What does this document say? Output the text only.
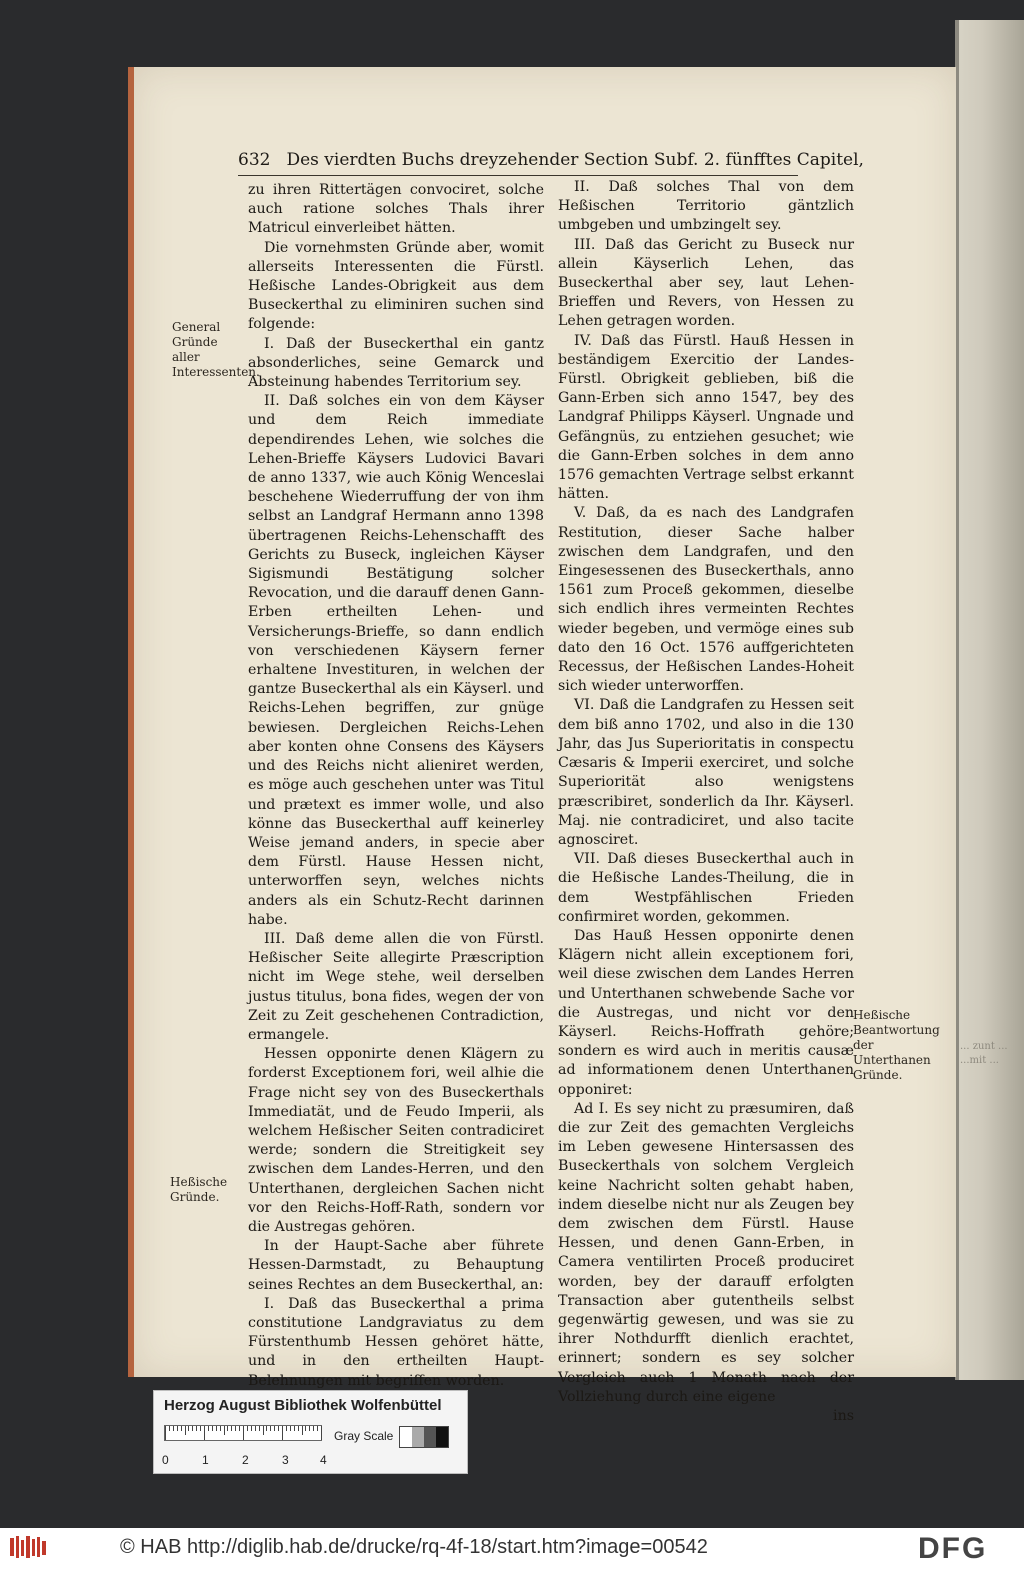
... zunt ... ...mit ...
632 Des vierdten Buchs dreyzehender Section Subf. 2. fünfftes Capitel,
General Gründe aller Interessenten.
Heßische Gründe.
Heßische Beantwortung der Unterthanen Gründe.

zu ihren Rittertägen convociret, solche auch ratione solches Thals ihrer Matricul einverleibet hätten.

Die vornehmsten Gründe aber, womit allerseits Interessenten die Fürstl. Heßische Landes-Obrigkeit aus dem Buseckerthal zu eliminiren suchen sind folgende:

I. Daß der Buseckerthal ein gantz absonderliches, seine Gemarck und Absteinung habendes Territorium sey.

II. Daß solches ein von dem Käyser und dem Reich immediate dependirendes Lehen, wie solches die Lehen-Brieffe Käysers Ludovici Bavari de anno 1337, wie auch König Wenceslai beschehene Wiederruffung der von ihm selbst an Landgraf Hermann anno 1398 übertragenen Reichs-Lehenschafft des Gerichts zu Buseck, ingleichen Käyser Sigismundi Bestätigung solcher Revocation, und die darauff denen Gann-Erben ertheilten Lehen- und Versicherungs-Brieffe, so dann endlich von verschiedenen Käysern ferner erhaltene Investituren, in welchen der gantze Buseckerthal als ein Käyserl. und Reichs-Lehen begriffen, zur gnüge bewiesen. Dergleichen Reichs-Lehen aber konten ohne Consens des Käysers und des Reichs nicht alieniret werden, es möge auch geschehen unter was Titul und prætext es immer wolle, und also könne das Buseckerthal auff keinerley Weise jemand anders, in specie aber dem Fürstl. Hause Hessen nicht, unterworffen seyn, welches nichts anders als ein Schutz-Recht darinnen habe.

III. Daß deme allen die von Fürstl. Heßischer Seite allegirte Præscription nicht im Wege stehe, weil derselben justus titulus, bona fides, wegen der von Zeit zu Zeit geschehenen Contradiction, ermangele.

Hessen opponirte denen Klägern zu forderst Exceptionem fori, weil alhie die Frage nicht sey von des Buseckerthals Immediatät, und de Feudo Imperii, als welchem Heßischer Seiten contradiciret werde; sondern die Streitigkeit sey zwischen dem Landes-Herren, und den Unterthanen, dergleichen Sachen nicht vor den Reichs-Hoff-Rath, sondern vor die Austregas gehören.

In der Haupt-Sache aber führete Hessen-Darmstadt, zu Behauptung seines Rechtes an dem Buseckerthal, an:

I. Daß das Buseckerthal a prima constitutione Landgraviatus zu dem Fürstenthumb Hessen gehöret hätte, und in den ertheilten Haupt-Belehnungen mit begriffen worden.

II. Daß solches Thal von dem Heßischen Territorio gäntzlich umbgeben und umbzingelt sey.

III. Daß das Gericht zu Buseck nur allein Käyserlich Lehen, das Buseckerthal aber sey, laut Lehen-Brieffen und Revers, von Hessen zu Lehen getragen worden.

IV. Daß das Fürstl. Hauß Hessen in beständigem Exercitio der Landes-Fürstl. Obrigkeit geblieben, biß die Gann-Erben sich anno 1547, bey des Landgraf Philipps Käyserl. Ungnade und Gefängnüs, zu entziehen gesuchet; wie die Gann-Erben solches in dem anno 1576 gemachten Vertrage selbst erkannt hätten.

V. Daß, da es nach des Landgrafen Restitution, dieser Sache halber zwischen dem Landgrafen, und den Eingesessenen des Buseckerthals, anno 1561 zum Proceß gekommen, dieselbe sich endlich ihres vermeinten Rechtes wieder begeben, und vermöge eines sub dato den 16 Oct. 1576 auffgerichteten Recessus, der Heßischen Landes-Hoheit sich wieder unterworffen.

VI. Daß die Landgrafen zu Hessen seit dem biß anno 1702, und also in die 130 Jahr, das Jus Superioritatis in conspectu Cæsaris & Imperii exerciret, und solche Superiorität also wenigstens præscribiret, sonderlich da Ihr. Käyserl. Maj. nie contradiciret, und also tacite agnosciret.

VII. Daß dieses Buseckerthal auch in die Heßische Landes-Theilung, die in dem Westpfählischen Frieden confirmiret worden, gekommen.

Das Hauß Hessen opponirte denen Klägern nicht allein exceptionem fori, weil diese zwischen dem Landes Herren und Unterthanen schwebende Sache vor die Austregas, und nicht vor den Käyserl. Reichs-Hoffrath gehöre; sondern es wird auch in meritis causæ ad informationem denen Unterthanen opponiret:

Ad I. Es sey nicht zu præsumiren, daß die zur Zeit des gemachten Vergleichs im Leben gewesene Hintersassen des Buseckerthals von solchem Vergleich keine Nachricht solten gehabt haben, indem dieselbe nicht nur als Zeugen bey dem zwischen dem Fürstl. Hause Hessen, und denen Gann-Erben, in Camera ventilirten Proceß produciret worden, bey der darauff erfolgten Transaction aber gutentheils selbst gegenwärtig gewesen, und was sie zu ihrer Nothdurfft dienlich erachtet, erinnert; sondern es sey solcher Vergleich auch 1 Monath nach der Vollziehung durch eine eigene

ins

Herzog August Bibliothek Wolfenbüttel
Gray Scale
0	1	2	3	4
© HAB http://diglib.hab.de/drucke/rq-4f-18/start.htm?image=00542	DFG
